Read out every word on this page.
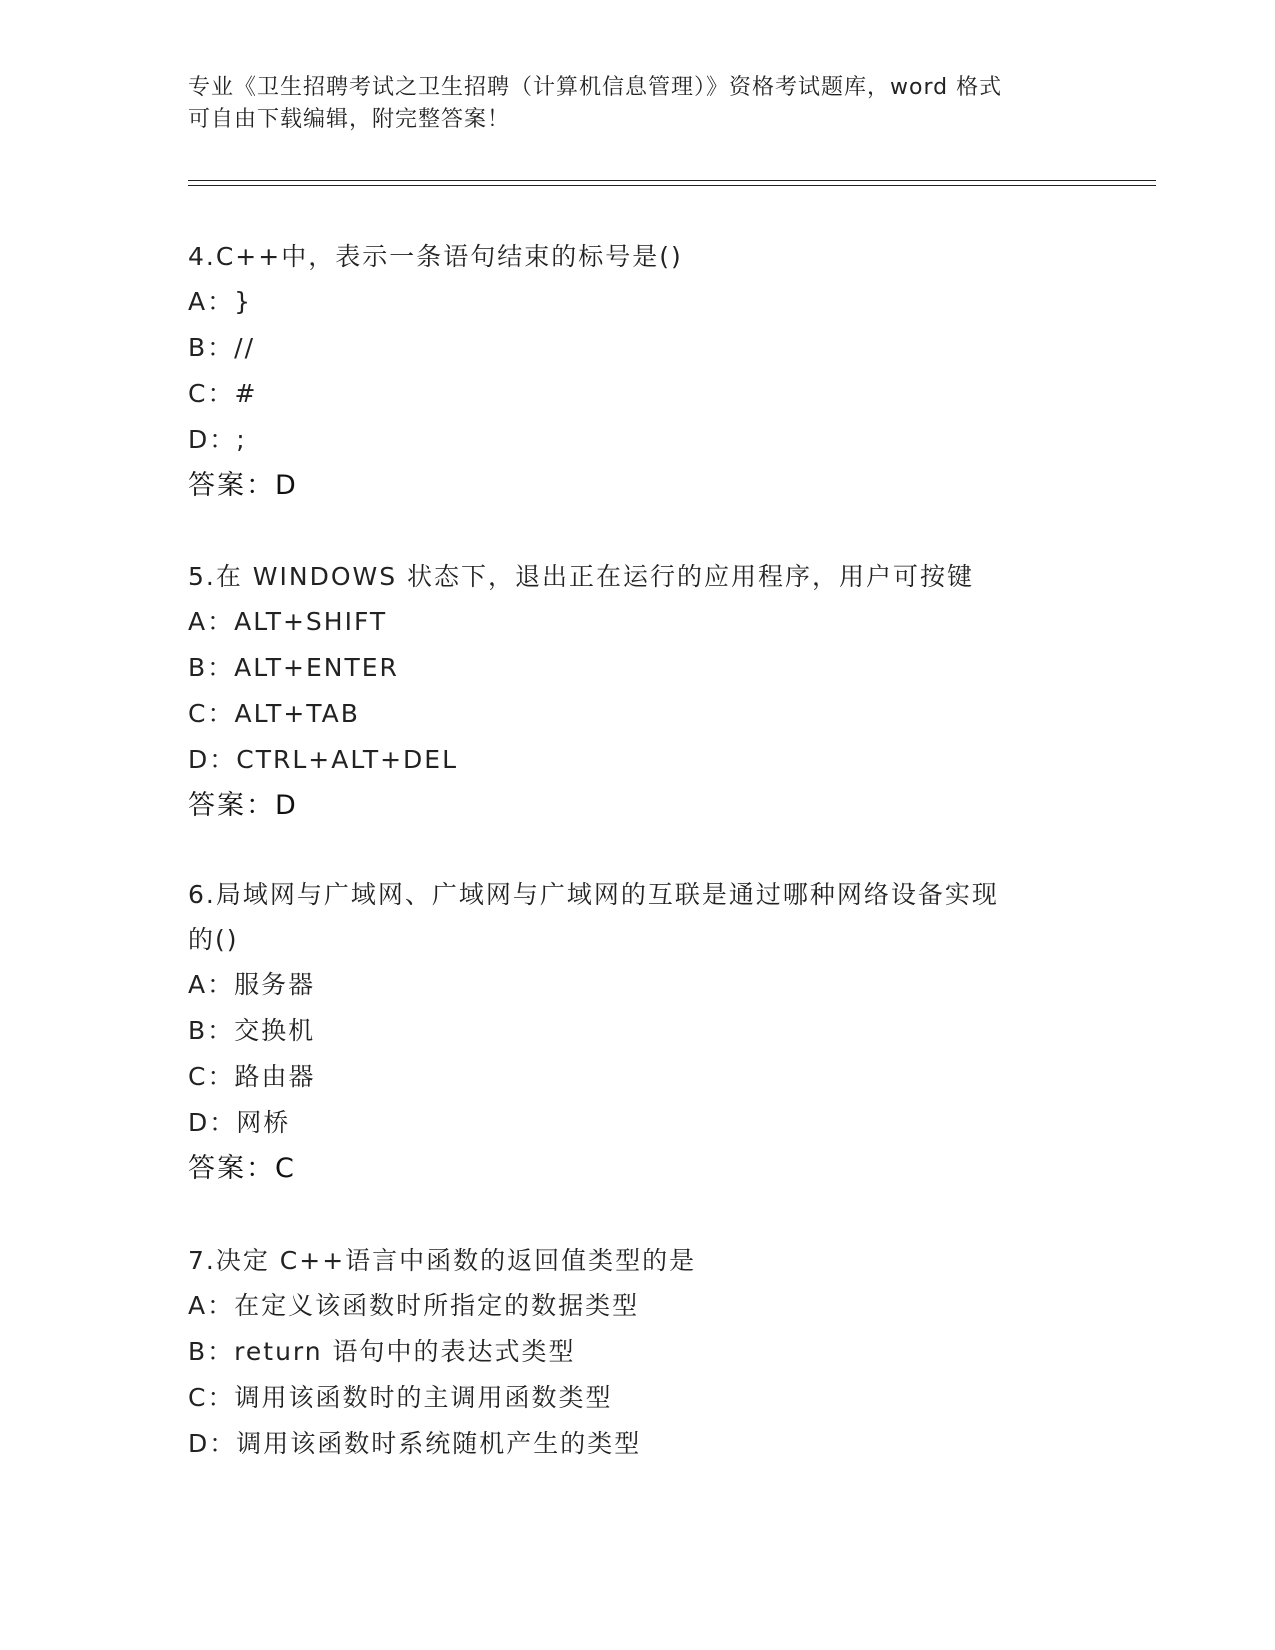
专业《卫生招聘考试之卫生招聘（计算机信息管理）》资格考试题库，word 格式
可自由下载编辑，附完整答案！

4.C++中，表示一条语句结束的标号是()

A： }

B： //

C： #

D： ;

答案：D

5.在 WINDOWS 状态下，退出正在运行的应用程序，用户可按键

A： ALT+SHIFT

B： ALT+ENTER

C： ALT+TAB

D： CTRL+ALT+DEL

答案：D

6.局域网与广域网、广域网与广域网的互联是通过哪种网络设备实现

的()

A： 服务器

B： 交换机

C： 路由器

D： 网桥

答案：C

7.决定 C++语言中函数的返回值类型的是

A： 在定义该函数时所指定的数据类型

B： return 语句中的表达式类型

C： 调用该函数时的主调用函数类型

D： 调用该函数时系统随机产生的类型
